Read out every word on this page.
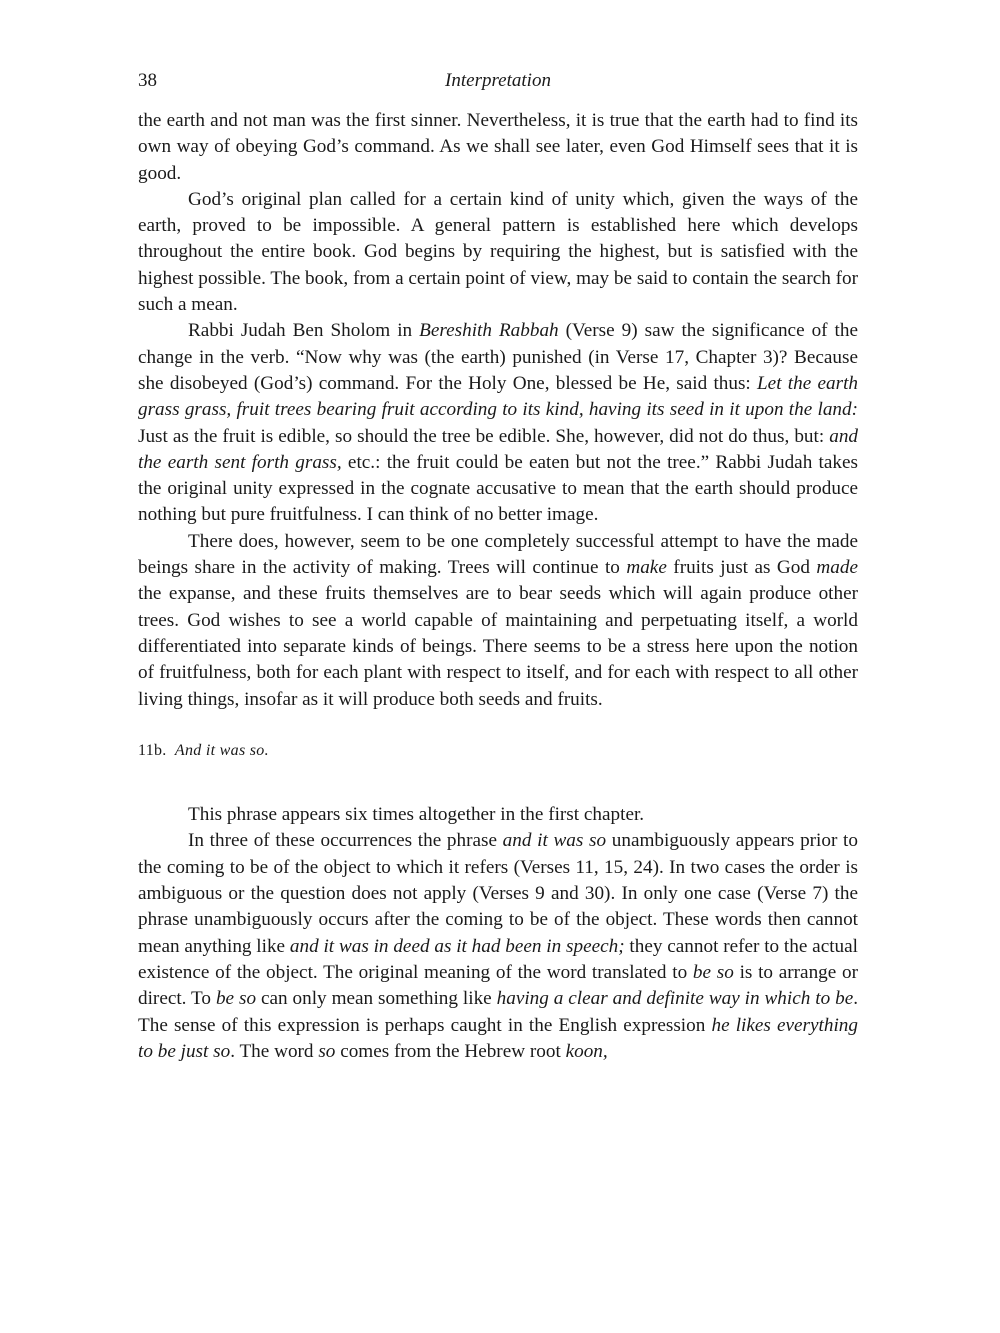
38	Interpretation

the earth and not man was the first sinner. Nevertheless, it is true that the earth had to find its own way of obeying God’s command. As we shall see later, even God Himself sees that it is good.

God’s original plan called for a certain kind of unity which, given the ways of the earth, proved to be impossible. A general pattern is established here which develops throughout the entire book. God begins by requiring the highest, but is satisfied with the highest possible. The book, from a certain point of view, may be said to contain the search for such a mean.

Rabbi Judah Ben Sholom in Bereshith Rabbah (Verse 9) saw the significance of the change in the verb. “Now why was (the earth) punished (in Verse 17, Chapter 3)? Because she disobeyed (God’s) command. For the Holy One, blessed be He, said thus: Let the earth grass grass, fruit trees bearing fruit according to its kind, having its seed in it upon the land: Just as the fruit is edible, so should the tree be edible. She, however, did not do thus, but: and the earth sent forth grass, etc.: the fruit could be eaten but not the tree.” Rabbi Judah takes the original unity expressed in the cognate accusative to mean that the earth should produce nothing but pure fruitfulness. I can think of no better image.

There does, however, seem to be one completely successful attempt to have the made beings share in the activity of making. Trees will continue to make fruits just as God made the expanse, and these fruits themselves are to bear seeds which will again produce other trees. God wishes to see a world capable of maintaining and perpetuating itself, a world differentiated into separate kinds of beings. There seems to be a stress here upon the notion of fruitfulness, both for each plant with respect to itself, and for each with respect to all other living things, insofar as it will produce both seeds and fruits.

11b. And it was so.

This phrase appears six times altogether in the first chapter.

In three of these occurrences the phrase and it was so unambiguously appears prior to the coming to be of the object to which it refers (Verses 11, 15, 24). In two cases the order is ambiguous or the question does not apply (Verses 9 and 30). In only one case (Verse 7) the phrase unambiguously occurs after the coming to be of the object. These words then cannot mean anything like and it was in deed as it had been in speech; they cannot refer to the actual existence of the object. The original meaning of the word translated to be so is to arrange or direct. To be so can only mean something like having a clear and definite way in which to be. The sense of this expression is perhaps caught in the English expression he likes everything to be just so. The word so comes from the Hebrew root koon,
